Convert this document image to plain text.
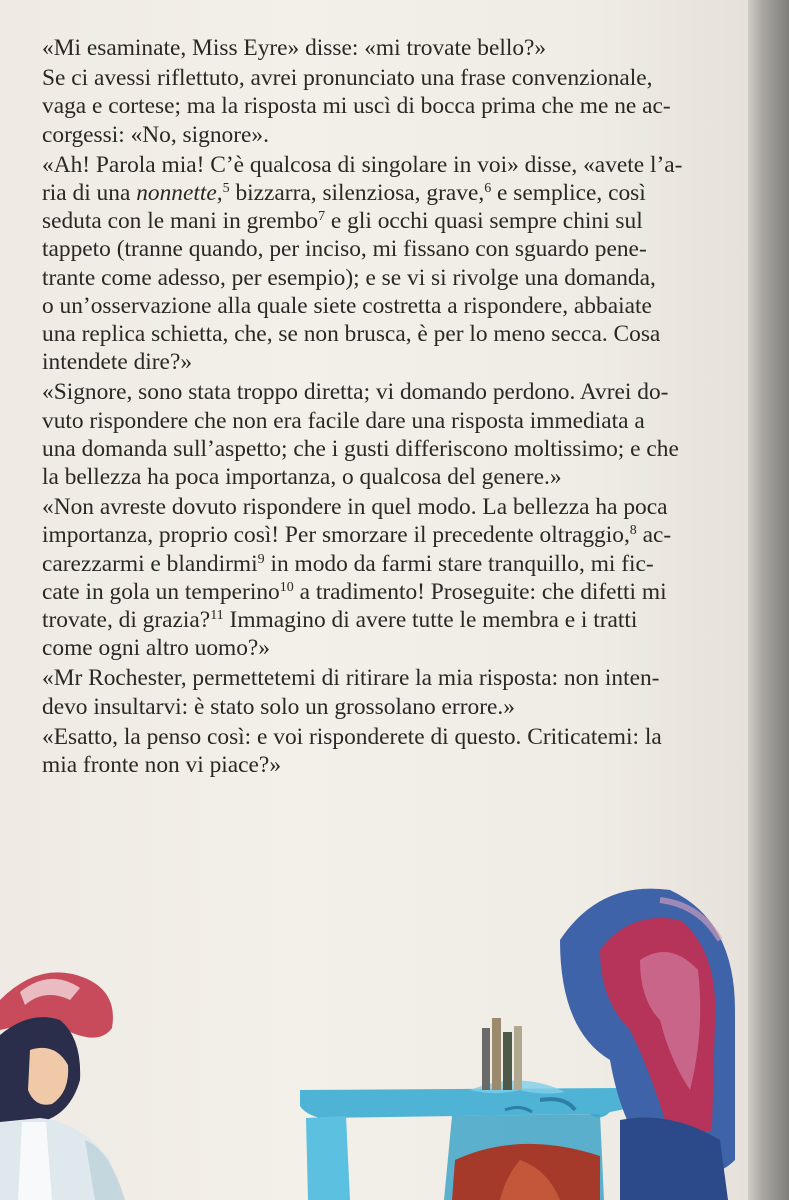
«Mi esaminate, Miss Eyre» disse: «mi trovate bello?»

Se ci avessi riflettuto, avrei pronunciato una frase convenzionale,
vaga e cortese; ma la risposta mi uscì di bocca prima che me ne ac-
corgessi: «No, signore».

«Ah! Parola mia! C’è qualcosa di singolare in voi» disse, «avete l’a-
ria di una nonnette,$^5$ bizzarra, silenziosa, grave,$^6$ e semplice, così
seduta con le mani in grembo$^7$ e gli occhi quasi sempre chini sul
tappeto (tranne quando, per inciso, mi fissano con sguardo pene-
trante come adesso, per esempio); e se vi si rivolge una domanda,
o un’osservazione alla quale siete costretta a rispondere, abbaiate
una replica schietta, che, se non brusca, è per lo meno secca. Cosa
intendete dire?»

«Signore, sono stata troppo diretta; vi domando perdono. Avrei do-
vuto rispondere che non era facile dare una risposta immediata a
una domanda sull’aspetto; che i gusti differiscono moltissimo; e che
la bellezza ha poca importanza, o qualcosa del genere.»

«Non avreste dovuto rispondere in quel modo. La bellezza ha poca
importanza, proprio così! Per smorzare il precedente oltraggio,$^8$ ac-
carezzarmi e blandirmi$^9$ in modo da farmi stare tranquillo, mi fic-
cate in gola un temperino$^{10}$ a tradimento! Proseguite: che difetti mi
trovate, di grazia?$^{11}$ Immagino di avere tutte le membra e i tratti
come ogni altro uomo?»

«Mr Rochester, permettetemi di ritirare la mia risposta: non inten-
devo insultarvi: è stato solo un grossolano errore.»

«Esatto, la penso così: e voi risponderete di questo. Criticatemi: la
mia fronte non vi piace?»
